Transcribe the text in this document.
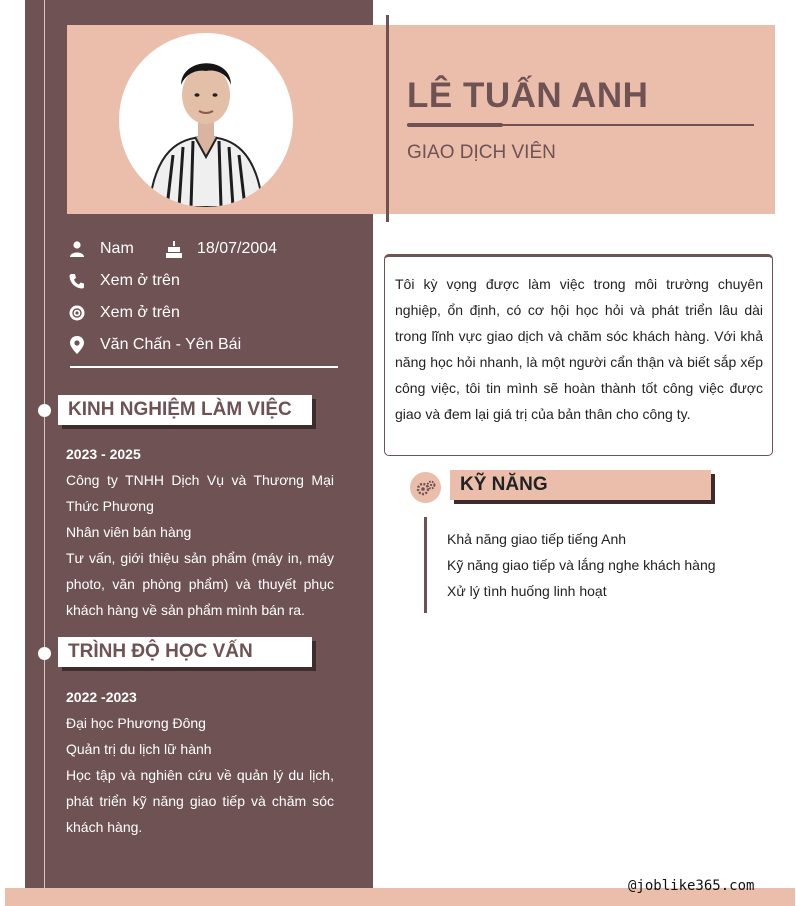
LÊ TUẤN ANH
GIAO DỊCH VIÊN
Nam	18/07/2004
Xem ở trên
Xem ở trên
Văn Chấn - Yên Bái
KINH NGHIỆM LÀM VIỆC
2023 - 2025
Công ty TNHH Dịch Vụ và Thương Mại Thức Phương
Nhân viên bán hàng
Tư vấn, giới thiệu sản phẩm (máy in, máy photo, văn phòng phẩm) và thuyết phục khách hàng về sản phẩm mình bán ra.
TRÌNH ĐỘ HỌC VẤN
2022 -2023
Đại học Phương Đông
Quản trị du lịch lữ hành
Học tập và nghiên cứu về quản lý du lịch, phát triển kỹ năng giao tiếp và chăm sóc khách hàng.
Tôi kỳ vọng được làm việc trong môi trường chuyên nghiệp, ổn định, có cơ hội học hỏi và phát triển lâu dài trong lĩnh vực giao dịch và chăm sóc khách hàng. Với khả năng học hỏi nhanh, là một người cẩn thận và biết sắp xếp công việc, tôi tin mình sẽ hoàn thành tốt công việc được giao và đem lại giá trị của bản thân cho công ty.
KỸ NĂNG
Khả năng giao tiếp tiếng Anh
Kỹ năng giao tiếp và lắng nghe khách hàng
Xử lý tình huống linh hoạt
@joblike365.com
